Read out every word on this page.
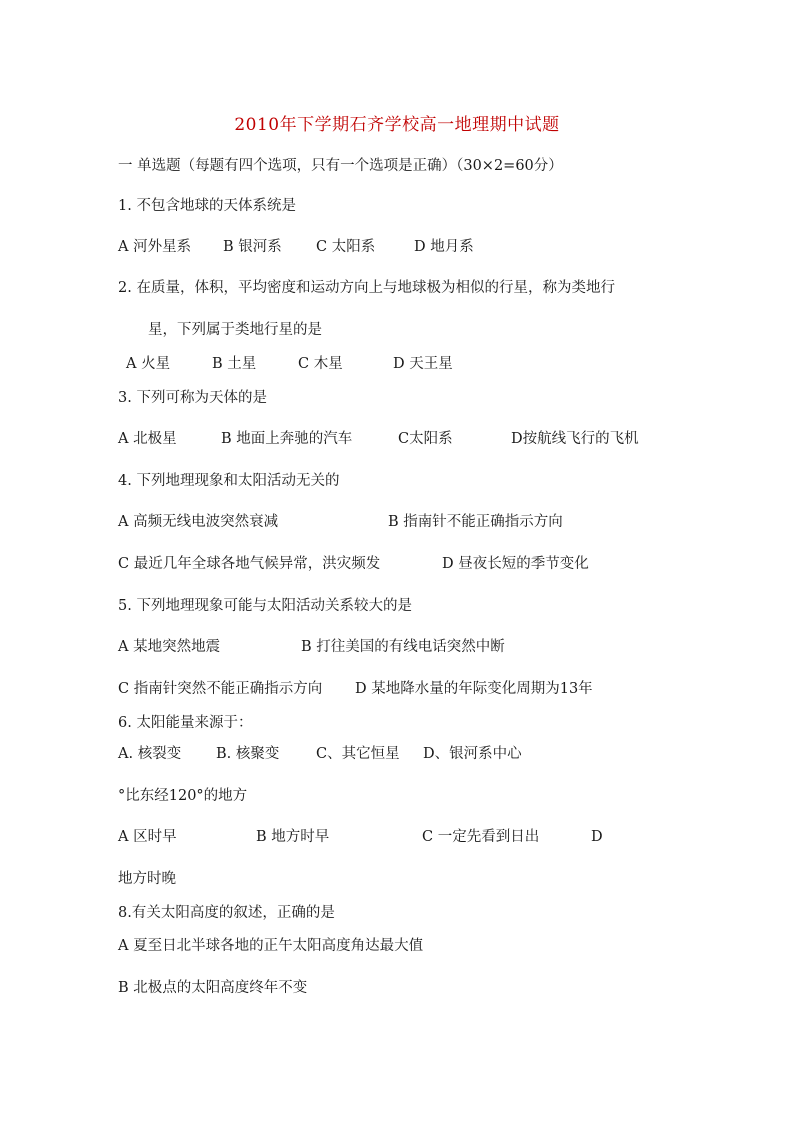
2010年下学期石齐学校高一地理期中试题
一 单选题（每题有四个选项，只有一个选项是正确）（30×2=60分）
1. 不包含地球的天体系统是
A 河外星系 B 银河系 C 太阳系	D 地月系
2. 在质量，体积，平均密度和运动方向上与地球极为相似的行星，称为类地行
星，下列属于类地行星的是
A 火星	B 土星	C 木星	D 天王星
3. 下列可称为天体的是
A 北极星	B 地面上奔驰的汽车	C太阳系	D按航线飞行的飞机
4. 下列地理现象和太阳活动无关的
A 高频无线电波突然衰减	B 指南针不能正确指示方向
C 最近几年全球各地气候异常，洪灾频发	D 昼夜长短的季节变化
5. 下列地理现象可能与太阳活动关系较大的是
A 某地突然地震	B 打往美国的有线电话突然中断
C 指南针突然不能正确指示方向 D 某地降水量的年际变化周期为13年
6. 太阳能量来源于：
A. 核裂变 B. 核聚变	C、其它恒星 D、银河系中心
°比东经120°的地方
A 区时早	B 地方时早	C 一定先看到日出	D
地方时晚
8.有关太阳高度的叙述，正确的是
A 夏至日北半球各地的正午太阳高度角达最大值
B 北极点的太阳高度终年不变
